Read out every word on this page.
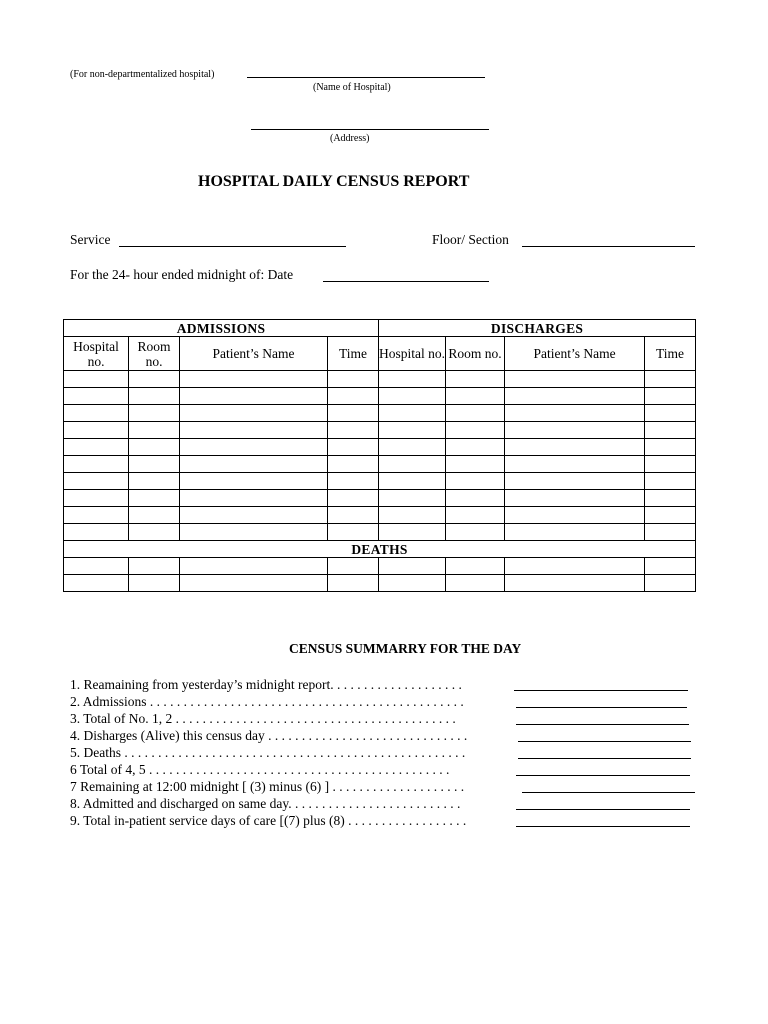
(For non-departmentalized hospital)
(Name of Hospital)
(Address)
HOSPITAL DAILY CENSUS REPORT
Service	Floor/ Section
For the 24- hour ended midnight of: Date
ADMISSIONS				DISCHARGES			
Hospital no.	Room no.	Patient’s Name	Time	Hospital no.	Room no.	Patient’s Name	Time

DEATHS							

CENSUS SUMMARRY FOR THE DAY
1. Reamaining from yesterday’s midnight report. . . . . . . . . . . . . . . . . . . .
2. Admissions . . . . . . . . . . . . . . . . . . . . . . . . . . . . . . . . . . . . . . . . . . . . . . .
3. Total of No. 1, 2 . . . . . . . . . . . . . . . . . . . . . . . . . . . . . . . . . . . . . . . . . .
4. Disharges (Alive) this census day . . . . . . . . . . . . . . . . . . . . . . . . . . . . . .
5. Deaths . . . . . . . . . . . . . . . . . . . . . . . . . . . . . . . . . . . . . . . . . . . . . . . . . . .
6 Total of 4, 5 . . . . . . . . . . . . . . . . . . . . . . . . . . . . . . . . . . . . . . . . . . . . .
7 Remaining at 12:00 midnight [ (3) minus (6) ] . . . . . . . . . . . . . . . . . . . .
8. Admitted and discharged on same day. . . . . . . . . . . . . . . . . . . . . . . . . .
9. Total in-patient service days of care [(7) plus (8) . . . . . . . . . . . . . . . . . .
